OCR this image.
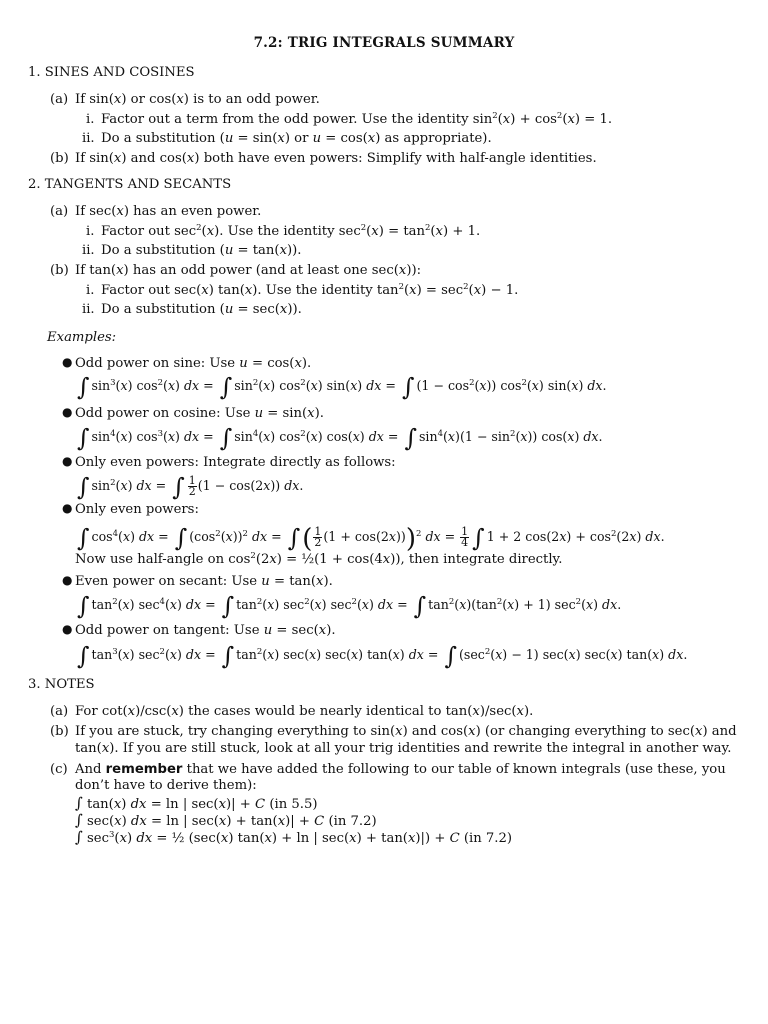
7.2: TRIG INTEGRALS SUMMARY
1. SINES AND COSINES
(a) If sin(x) or cos(x) is to an odd power.
i. Factor out a term from the odd power. Use the identity $\sin^2(x) + \cos^2(x) = 1$.
ii. Do a substitution (u = sin(x) or u = cos(x) as appropriate).
(b) If sin(x) and cos(x) both have even powers: Simplify with half-angle identities.
2. TANGENTS AND SECANTS
(a) If sec(x) has an even power.
i. Factor out $\sec^2(x)$. Use the identity $\sec^2(x) = \tan^2(x) + 1$.
ii. Do a substitution (u = tan(x)).
(b) If tan(x) has an odd power (and at least one sec(x)):
i. Factor out sec(x) tan(x). Use the identity $\tan^2(x) = \sec^2(x) - 1$.
ii. Do a substitution (u = sec(x)).
Examples:
● Odd power on sine: Use u = cos(x).
∫ $\sin^3(x)$ $\cos^2(x)$ dx = ∫ $\sin^2(x)$ $\cos^2(x)$ sin(x) dx = ∫ $(1 - \cos^2(x))$ $\cos^2(x)$ sin(x) dx.
● Odd power on cosine: Use u = sin(x).
∫ $\sin^4(x)$ $\cos^3(x)$ dx = ∫ $\sin^4(x)$ $\cos^2(x)$ cos(x) dx = ∫ $\sin^4(x)(1 - \sin^2(x))$ cos(x) dx.
● Only even powers: Integrate directly as follows:
∫ $\sin^2(x)$ dx = ∫ $\frac{1}{2} (1 - \cos(2x))$ dx.
● Only even powers:
∫ $\cos^4(x)$ dx = ∫ $(\cos^2(x))^2$ dx = ∫( $\frac{1}{2} (1 + \cos(2x)))^2$ dx = $\frac{1}{4}$ ∫ 1 + 2 $\cos(2x) + \cos^2(2x)$ dx.
Now use half-angle on $\cos^2(2x)$ = ½(1 + cos(4x)), then integrate directly.
● Even power on secant: Use u = tan(x).
∫ $\tan^2(x)$ $\sec^4(x)$ dx = ∫ $\tan^2(x)$ $\sec^2(x)$ $\sec^2(x)$ dx = ∫ $\tan^2(x)(\tan^2(x) + 1)$ $\sec^2(x)$ dx.
● Odd power on tangent: Use u = sec(x).
∫ $\tan^3(x)$ $\sec^2(x)$ dx = ∫ $\tan^2(x)$ sec(x) sec(x) tan(x) dx = ∫ $(\sec^2(x) - 1)$ sec(x) sec(x) tan(x) dx.
3. NOTES
(a) For cot(x)/csc(x) the cases would be nearly identical to tan(x)/sec(x).
(b) If you are stuck, try changing everything to sin(x) and cos(x) (or changing everything to sec(x) and
tan(x). If you are still stuck, look at all your trig identities and rewrite the integral in another way.
(c) And remember that we have added the following to our table of known integrals (use these, you
don’t have to derive them):
∫ tan(x) dx = ln | sec(x)| + C (in 5.5)
∫ sec(x) dx = ln | sec(x) + tan(x)| + C (in 7.2)
∫ $\sec^3(x)$ dx = ½ (sec(x) tan(x) + ln | sec(x) + tan(x)|) + C (in 7.2)
